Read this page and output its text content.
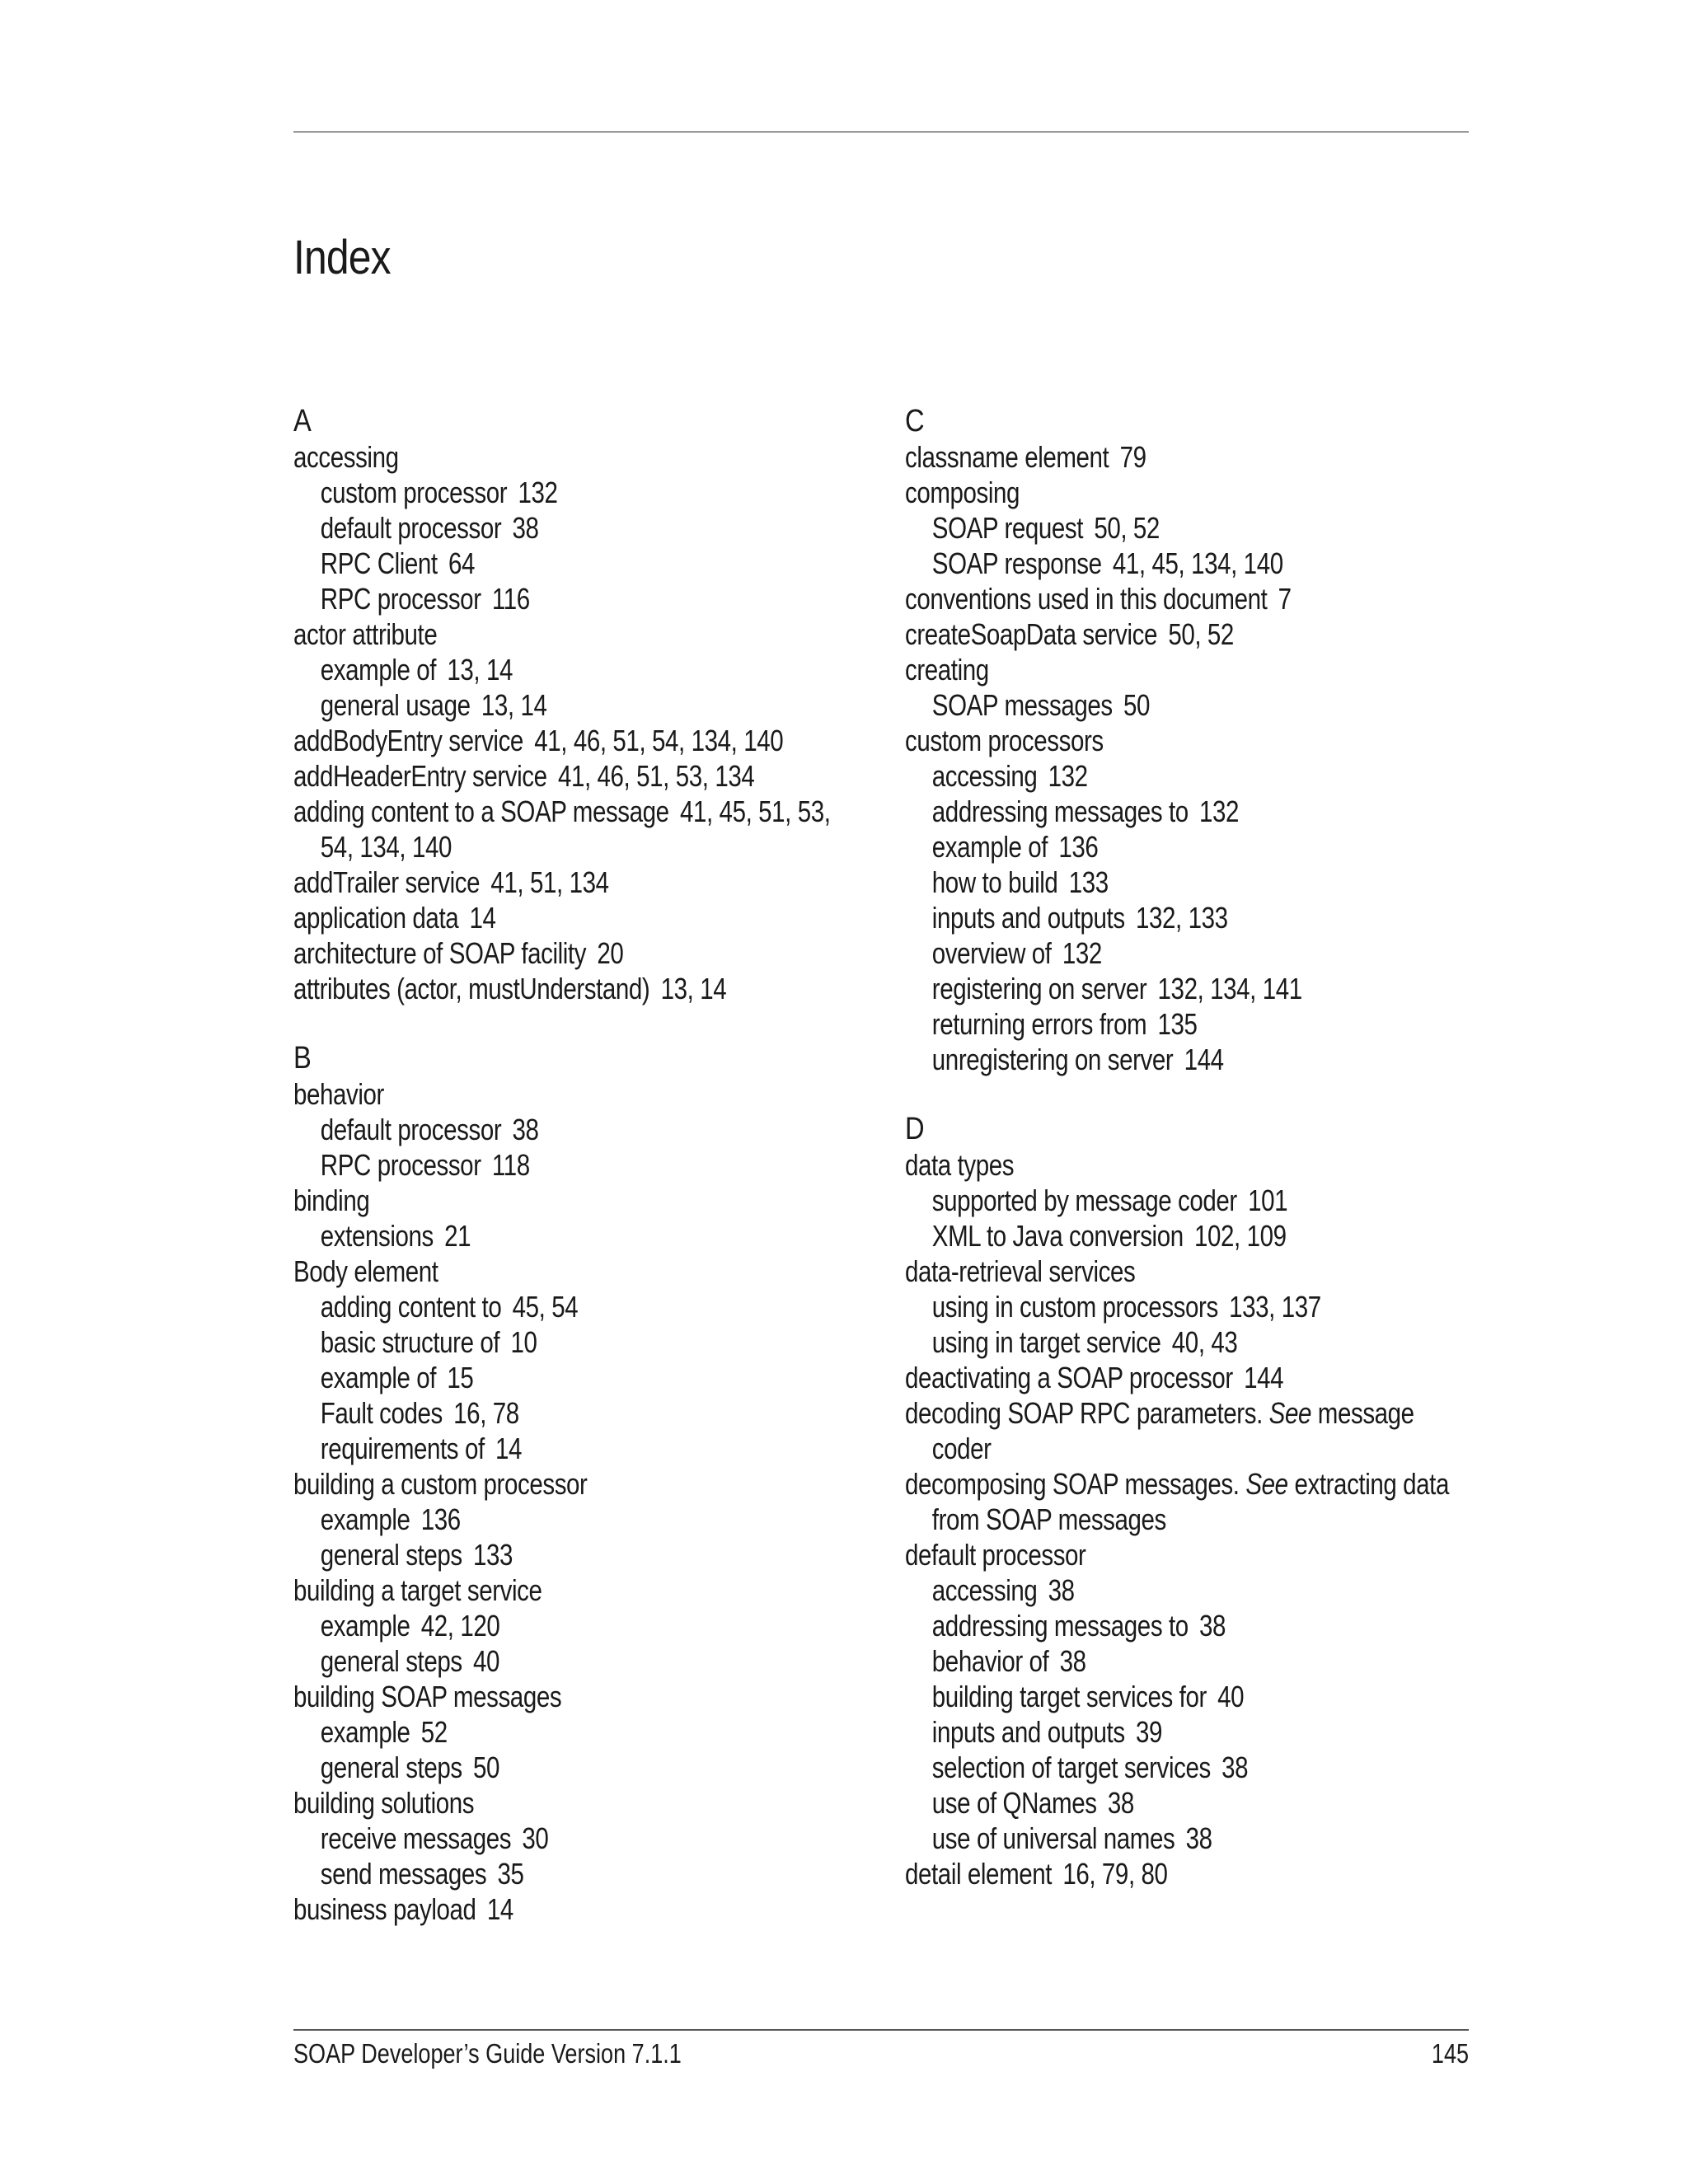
Index
A
accessing
custom processor 132
default processor 38
RPC Client 64
RPC processor 116
actor attribute
example of 13, 14
general usage 13, 14
addBodyEntry service 41, 46, 51, 54, 134, 140
addHeaderEntry service 41, 46, 51, 53, 134
adding content to a SOAP message 41, 45, 51, 53,
54, 134, 140
addTrailer service 41, 51, 134
application data 14
architecture of SOAP facility 20
attributes (actor, mustUnderstand) 13, 14
B
behavior
default processor 38
RPC processor 118
binding
extensions 21
Body element
adding content to 45, 54
basic structure of 10
example of 15
Fault codes 16, 78
requirements of 14
building a custom processor
example 136
general steps 133
building a target service
example 42, 120
general steps 40
building SOAP messages
example 52
general steps 50
building solutions
receive messages 30
send messages 35
business payload 14
C
classname element 79
composing
SOAP request 50, 52
SOAP response 41, 45, 134, 140
conventions used in this document 7
createSoapData service 50, 52
creating
SOAP messages 50
custom processors
accessing 132
addressing messages to 132
example of 136
how to build 133
inputs and outputs 132, 133
overview of 132
registering on server 132, 134, 141
returning errors from 135
unregistering on server 144
D
data types
supported by message coder 101
XML to Java conversion 102, 109
data-retrieval services
using in custom processors 133, 137
using in target service 40, 43
deactivating a SOAP processor 144
decoding SOAP RPC parameters. See message
coder
decomposing SOAP messages. See extracting data
from SOAP messages
default processor
accessing 38
addressing messages to 38
behavior of 38
building target services for 40
inputs and outputs 39
selection of target services 38
use of QNames 38
use of universal names 38
detail element 16, 79, 80
SOAP Developer’s Guide Version 7.1.1	145
